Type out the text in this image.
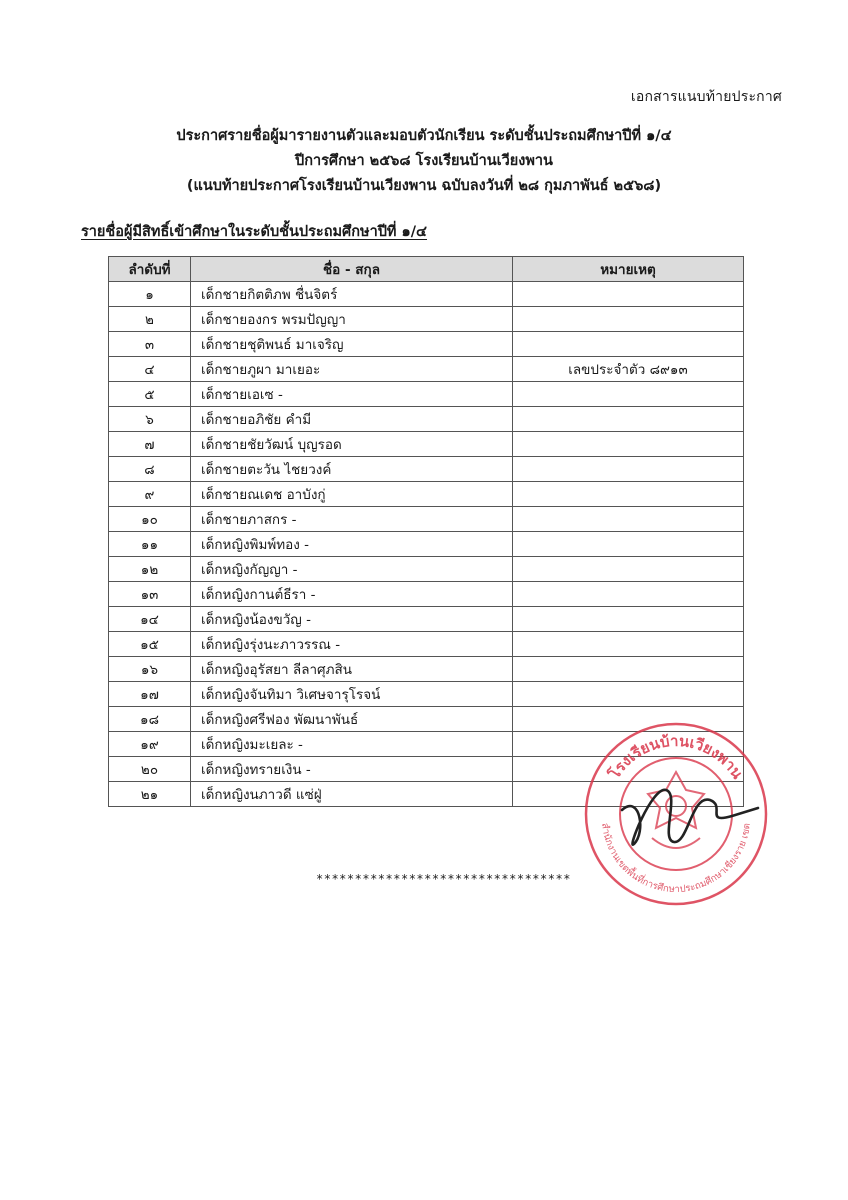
เอกสารแนบท้ายประกาศ
ประกาศรายชื่อผู้มารายงานตัวและมอบตัวนักเรียน ระดับชั้นประถมศึกษาปีที่ ๑/๔
ปีการศึกษา ๒๕๖๘ โรงเรียนบ้านเวียงพาน
(แนบท้ายประกาศโรงเรียนบ้านเวียงพาน ฉบับลงวันที่ ๒๘ กุมภาพันธ์ ๒๕๖๘)
รายชื่อผู้มีสิทธิ์เข้าศึกษาในระดับชั้นประถมศึกษาปีที่ ๑/๔
ลำดับที่	ชื่อ - สกุล	หมายเหตุ
๑	เด็กชายกิตติภพ ชื่นจิตร์	
๒	เด็กชายองกร พรมปัญญา	
๓	เด็กชายชุติพนธ์ มาเจริญ	
๔	เด็กชายภูผา มาเยอะ	เลขประจำตัว ๘๙๑๓
๕	เด็กชายเอเซ -	
๖	เด็กชายอภิชัย คำมี	
๗	เด็กชายชัยวัฒน์ บุญรอด	
๘	เด็กชายตะวัน ไชยวงค์	
๙	เด็กชายณเดช อาบังกู่	
๑๐	เด็กชายภาสกร -	
๑๑	เด็กหญิงพิมพ์ทอง -	
๑๒	เด็กหญิงกัญญา -	
๑๓	เด็กหญิงกานต์ธีรา -	
๑๔	เด็กหญิงน้องขวัญ -	
๑๕	เด็กหญิงรุ่งนะภาวรรณ -	
๑๖	เด็กหญิงอุรัสยา ลีลาศุภสิน	
๑๗	เด็กหญิงจันทิมา วิเศษจารุโรจน์	
๑๘	เด็กหญิงศรีฟอง พัฒนาพันธ์	
๑๙	เด็กหญิงมะเยละ -	
๒๐	เด็กหญิงทรายเงิน -	
๒๑	เด็กหญิงนภาวดี แซ่ฝู่	
*********************************
โรงเรียนบ้านเวียงพาน
สำนักงานเขตพื้นที่การศึกษาประถมศึกษาเชียงราย เขต
